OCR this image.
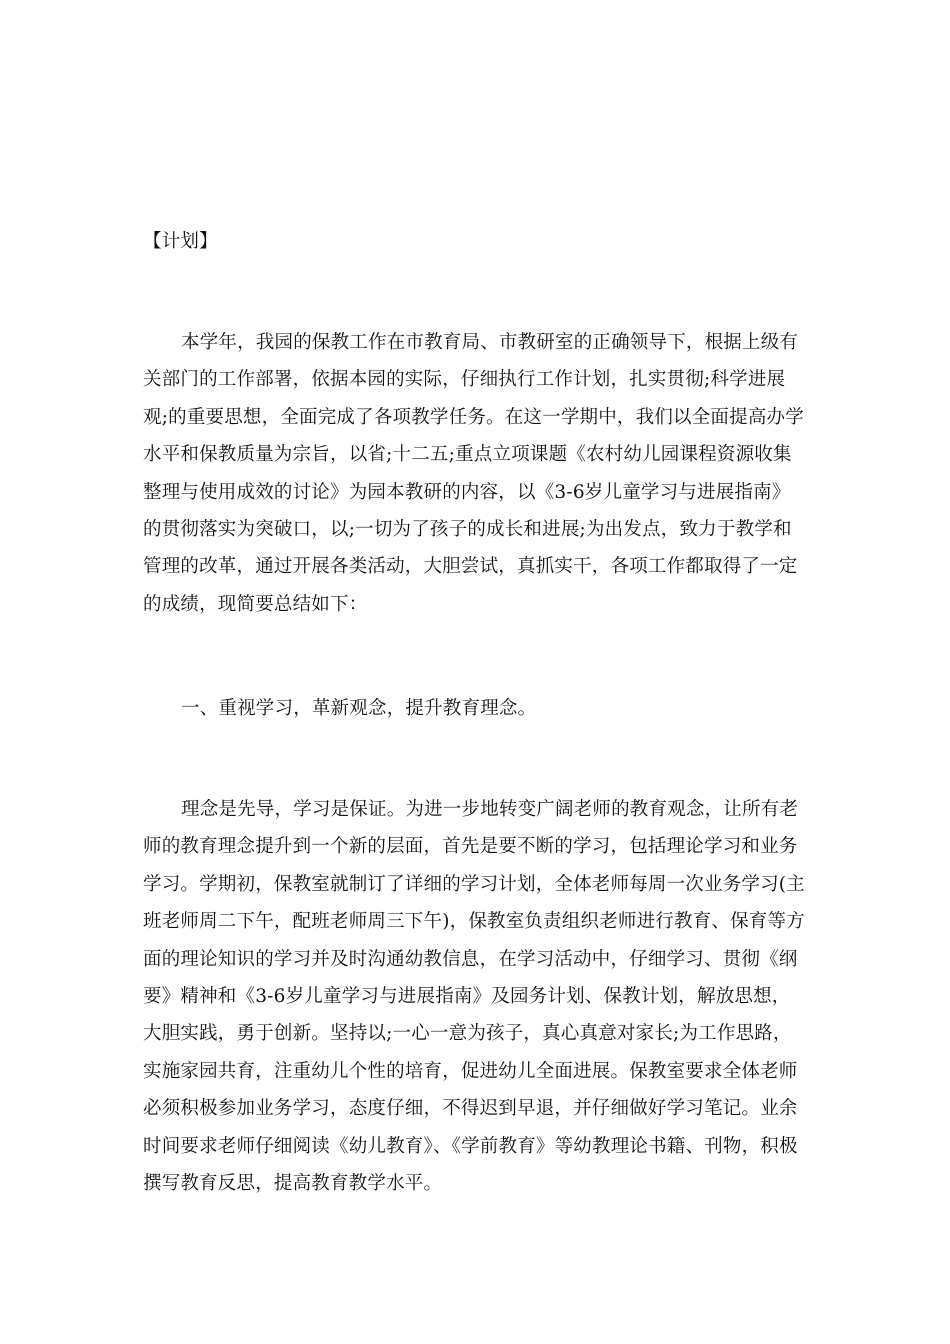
【计划】

本学年，我园的保教工作在市教育局、市教研室的正确领导下，根据上级有关部门的工作部署，依据本园的实际，仔细执行工作计划，扎实贯彻;科学进展观;的重要思想，全面完成了各项教学任务。在这一学期中，我们以全面提高办学水平和保教质量为宗旨，以省;十二五;重点立项课题《农村幼儿园课程资源收集整理与使用成效的讨论》为园本教研的内容，以《3-6岁儿童学习与进展指南》的贯彻落实为突破口，以;一切为了孩子的成长和进展;为出发点，致力于教学和管理的改革，通过开展各类活动，大胆尝试，真抓实干，各项工作都取得了一定的成绩，现简要总结如下：

一、重视学习，革新观念，提升教育理念。

理念是先导，学习是保证。为进一步地转变广阔老师的教育观念，让所有老师的教育理念提升到一个新的层面，首先是要不断的学习，包括理论学习和业务学习。学期初，保教室就制订了详细的学习计划，全体老师每周一次业务学习(主班老师周二下午，配班老师周三下午)，保教室负责组织老师进行教育、保育等方面的理论知识的学习并及时沟通幼教信息，在学习活动中，仔细学习、贯彻《纲要》精神和《3-6岁儿童学习与进展指南》及园务计划、保教计划，解放思想，大胆实践，勇于创新。坚持以;一心一意为孩子，真心真意对家长;为工作思路，实施家园共育，注重幼儿个性的培育，促进幼儿全面进展。保教室要求全体老师必须积极参加业务学习，态度仔细，不得迟到早退，并仔细做好学习笔记。业余时间要求老师仔细阅读《幼儿教育》、《学前教育》等幼教理论书籍、刊物，积极撰写教育反思，提高教育教学水平。
